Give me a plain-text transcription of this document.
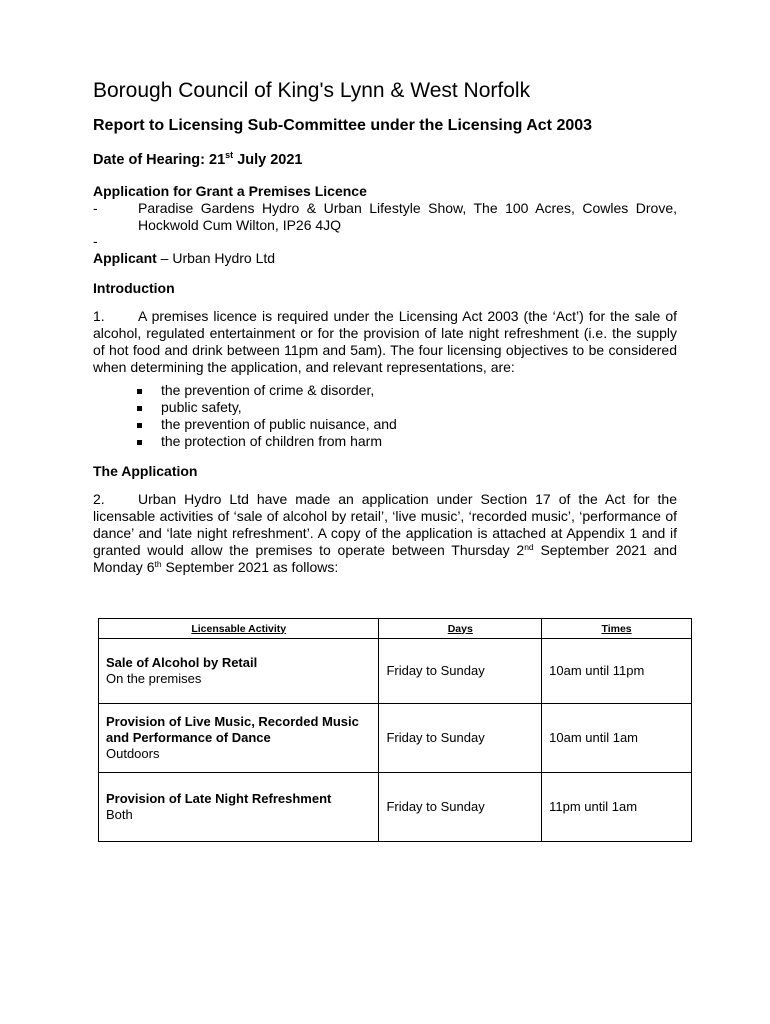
Borough Council of King's Lynn & West Norfolk
Report to Licensing Sub-Committee under the Licensing Act 2003
Date of Hearing: 21st July 2021
Application for Grant a Premises Licence
-	Paradise Gardens Hydro & Urban Lifestyle Show, The 100 Acres, Cowles Drove, Hockwold Cum Wilton, IP26 4JQ
-
Applicant – Urban Hydro Ltd
Introduction

1. A premises licence is required under the Licensing Act 2003 (the ‘Act’) for the sale of alcohol, regulated entertainment or for the provision of late night refreshment (i.e. the supply of hot food and drink between 11pm and 5am). The four licensing objectives to be considered when determining the application, and relevant representations, are:

the prevention of crime & disorder,
public safety,
the prevention of public nuisance, and
the protection of children from harm
The Application

2. Urban Hydro Ltd have made an application under Section 17 of the Act for the licensable activities of ‘sale of alcohol by retail’, ‘live music’, ‘recorded music’, ‘performance of dance’ and ‘late night refreshment’. A copy of the application is attached at Appendix 1 and if granted would allow the premises to operate between Thursday 2nd September 2021 and Monday 6th September 2021 as follows:

Licensable Activity	Days	Times

Sale of Alcohol by Retail
On the premises	Friday to Sunday	10am until 11pm

Provision of Live Music, Recorded Music and Performance of Dance
Outdoors	Friday to Sunday	10am until 1am

Provision of Late Night Refreshment
Both	Friday to Sunday	11pm until 1am
